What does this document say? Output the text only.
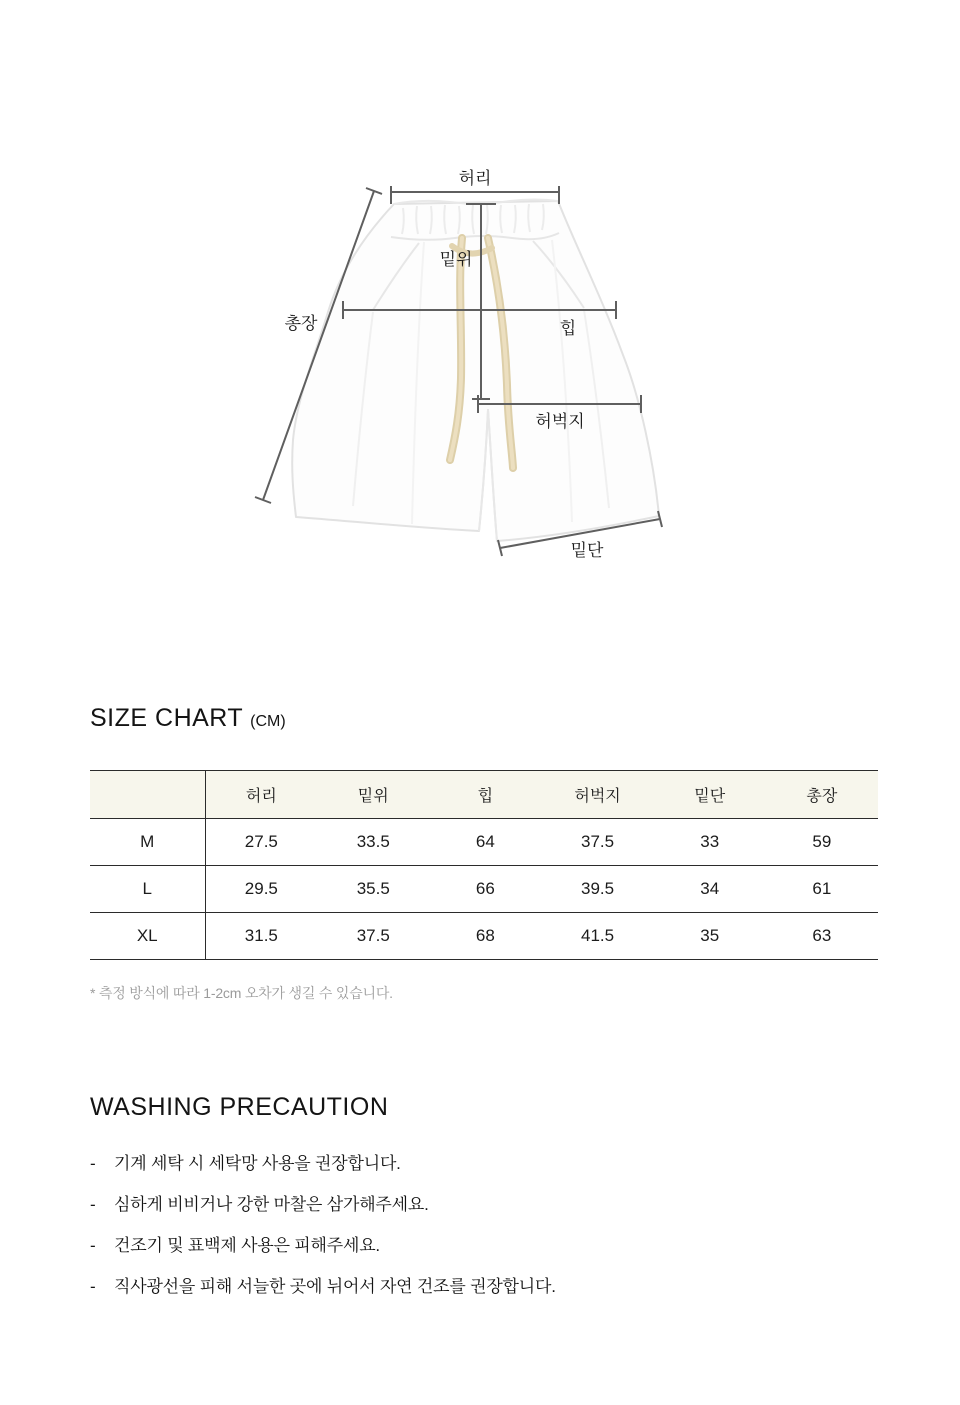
허리
밑위
총장	힙
허벅지
밑단
SIZE CHART (CM)
	허리	밑위	힙	허벅지	밑단	총장
M	27.5	33.5	64	37.5	33	59
L	29.5	35.5	66	39.5	34	61
XL	31.5	37.5	68	41.5	35	63
* 측정 방식에 따라 1-2cm 오차가 생길 수 있습니다.
WASHING PRECAUTION
-	기계 세탁 시 세탁망 사용을 권장합니다.
-	심하게 비비거나 강한 마찰은 삼가해주세요.
-	건조기 및 표백제 사용은 피해주세요.
-	직사광선을 피해 서늘한 곳에 뉘어서 자연 건조를 권장합니다.
